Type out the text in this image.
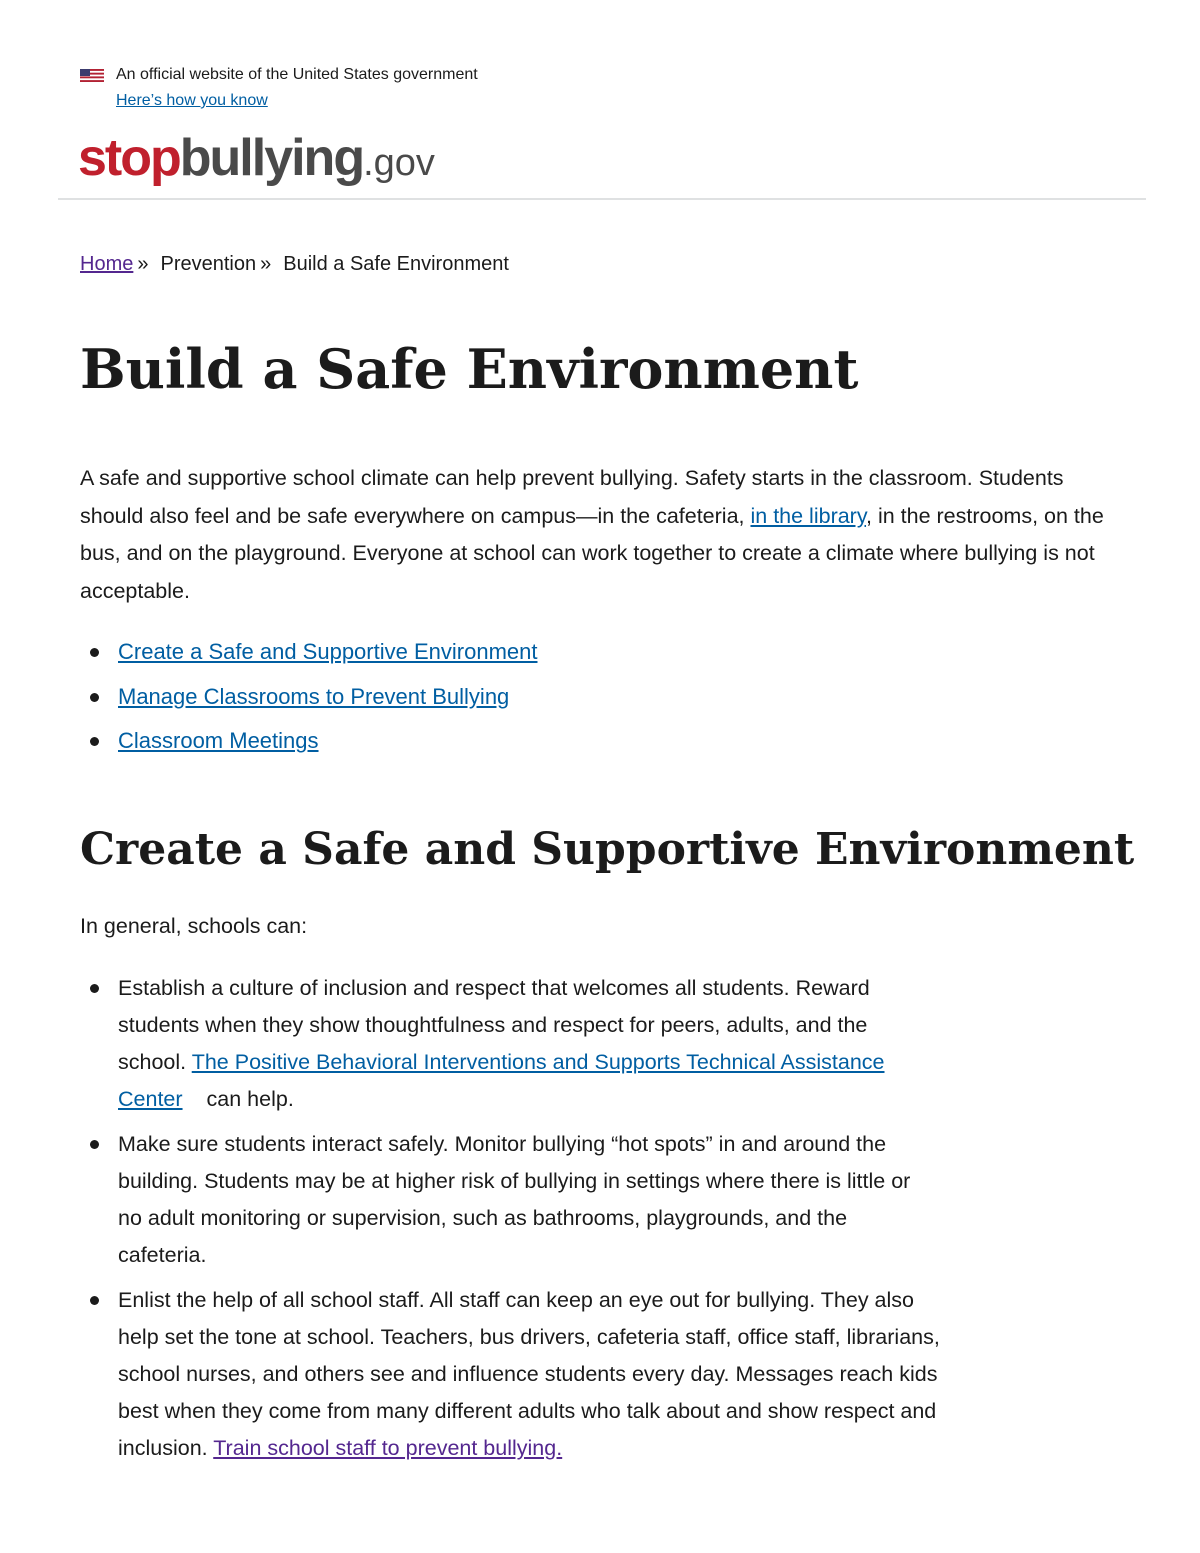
An official website of the United States government
Here’s how you know
stopbullying.gov
Home » Prevention » Build a Safe Environment
Build a Safe Environment

A safe and supportive school climate can help prevent bullying. Safety starts in the classroom. Students should also feel and be safe everywhere on campus—in the cafeteria, in the library, in the restrooms, on the bus, and on the playground. Everyone at school can work together to create a climate where bullying is not acceptable.

Create a Safe and Supportive Environment
Manage Classrooms to Prevent Bullying
Classroom Meetings
Create a Safe and Supportive Environment

In general, schools can:

Establish a culture of inclusion and respect that welcomes all students. Reward students when they show thoughtfulness and respect for peers, adults, and the school. The Positive Behavioral Interventions and Supports Technical Assistance Center can help.
Make sure students interact safely. Monitor bullying “hot spots” in and around the building. Students may be at higher risk of bullying in settings where there is little or no adult monitoring or supervision, such as bathrooms, playgrounds, and the cafeteria.
Enlist the help of all school staff. All staff can keep an eye out for bullying. They also help set the tone at school. Teachers, bus drivers, cafeteria staff, office staff, librarians, school nurses, and others see and influence students every day. Messages reach kids best when they come from many different adults who talk about and show respect and inclusion. Train school staff to prevent bullying.
